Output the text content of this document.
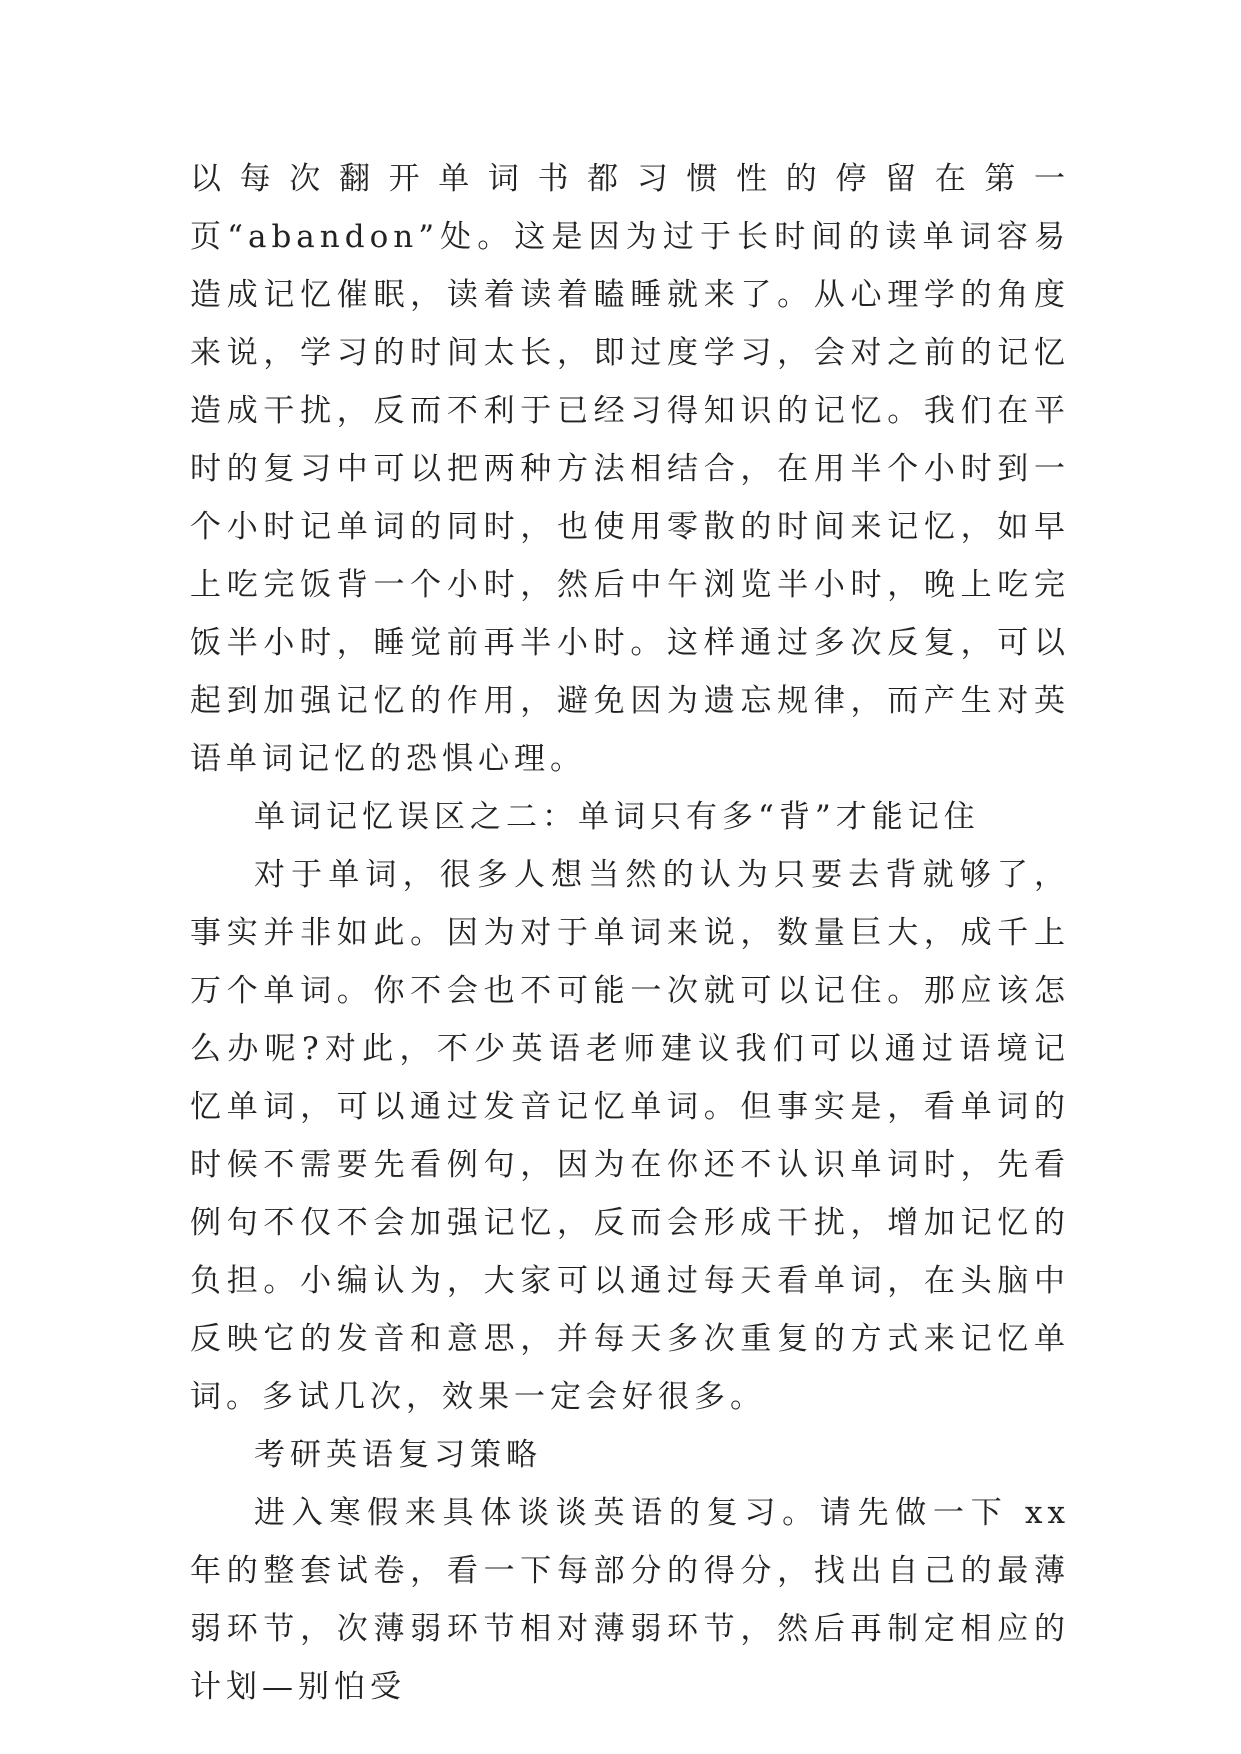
以每次翻开单词书都习惯性的停留在第一页“abandon”处。这是因为过于长时间的读单词容易造成记忆催眠，读着读着瞌睡就来了。从心理学的角度来说，学习的时间太长，即过度学习，会对之前的记忆造成干扰，反而不利于已经习得知识的记忆。我们在平时的复习中可以把两种方法相结合，在用半个小时到一个小时记单词的同时，也使用零散的时间来记忆，如早上吃完饭背一个小时，然后中午浏览半小时，晚上吃完饭半小时，睡觉前再半小时。这样通过多次反复，可以起到加强记忆的作用，避免因为遗忘规律，而产生对英语单词记忆的恐惧心理。

单词记忆误区之二：单词只有多“背”才能记住

对于单词，很多人想当然的认为只要去背就够了，事实并非如此。因为对于单词来说，数量巨大，成千上万个单词。你不会也不可能一次就可以记住。那应该怎么办呢?对此，不少英语老师建议我们可以通过语境记忆单词，可以通过发音记忆单词。但事实是，看单词的时候不需要先看例句，因为在你还不认识单词时，先看例句不仅不会加强记忆，反而会形成干扰，增加记忆的负担。小编认为，大家可以通过每天看单词，在头脑中反映它的发音和意思，并每天多次重复的方式来记忆单词。多试几次，效果一定会好很多。

考研英语复习策略

进入寒假来具体谈谈英语的复习。请先做一下 xx 年的整套试卷，看一下每部分的得分，找出自己的最薄弱环节，次薄弱环节相对薄弱环节，然后再制定相应的计划—别怕受
